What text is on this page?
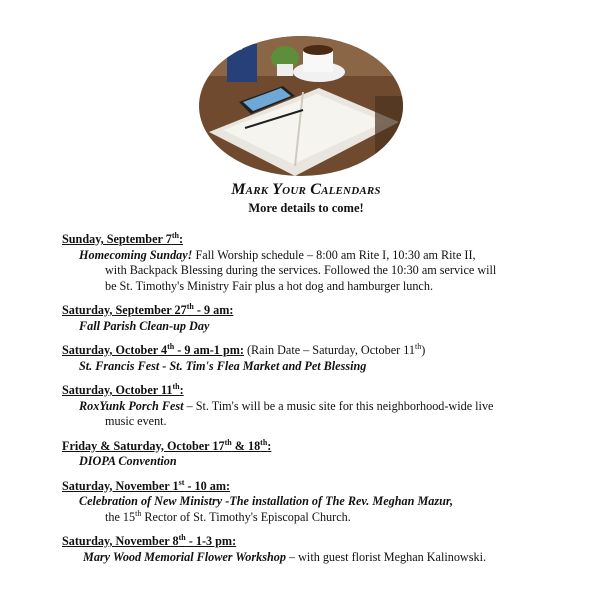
Mark Your Calendars
More details to come!
Sunday, September 7th:
Homecoming Sunday! Fall Worship schedule – 8:00 am Rite I, 10:30 am Rite II,
with Backpack Blessing during the services. Followed the 10:30 am service will
be St. Timothy's Ministry Fair plus a hot dog and hamburger lunch.
Saturday, September 27th - 9 am:
Fall Parish Clean-up Day
Saturday, October 4th - 9 am-1 pm: (Rain Date – Saturday, October 11th)
St. Francis Fest - St. Tim's Flea Market and Pet Blessing
Saturday, October 11th:
RoxYunk Porch Fest – St. Tim's will be a music site for this neighborhood-wide live
music event.
Friday & Saturday, October 17th & 18th:
DIOPA Convention
Saturday, November 1st - 10 am:
Celebration of New Ministry -The installation of The Rev. Meghan Mazur,
the 15th Rector of St. Timothy's Episcopal Church.
Saturday, November 8th - 1-3 pm:
Mary Wood Memorial Flower Workshop – with guest florist Meghan Kalinowski.
